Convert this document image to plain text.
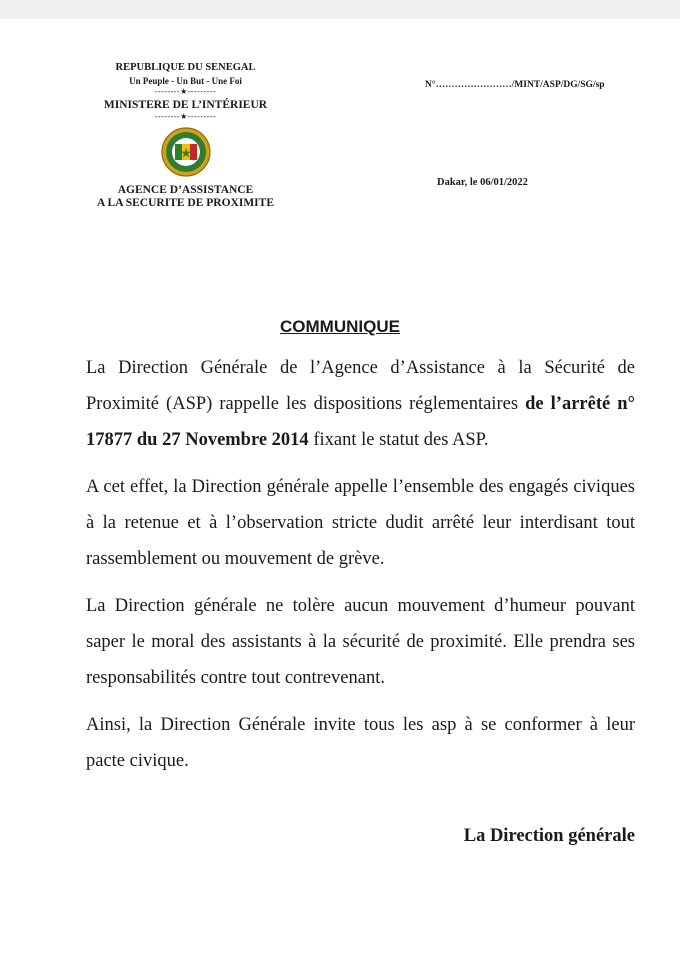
REPUBLIQUE DU SENEGAL
Un Peuple - Un But - Une Foi
--------★---------
MINISTERE DE L’INTÉRIEUR
--------★---------
AGENCE D’ASSISTANCE
A LA SECURITE DE PROXIMITE
N°……………………/MINT/ASP/DG/SG/sp
Dakar, le 06/01/2022
COMMUNIQUE

La Direction Générale de l’Agence d’Assistance à la Sécurité de Proximité (ASP) rappelle les dispositions réglementaires de l’arrêté n° 17877 du 27 Novembre 2014 fixant le statut des ASP.

A cet effet, la Direction générale appelle l’ensemble des engagés civiques à la retenue et à l’observation stricte dudit arrêté leur interdisant tout rassemblement ou mouvement de grève.

La Direction générale ne tolère aucun mouvement d’humeur pouvant saper le moral des assistants à la sécurité de proximité. Elle prendra ses responsabilités contre tout contrevenant.

Ainsi, la Direction Générale invite tous les asp à se conformer à leur pacte civique.

La Direction générale
